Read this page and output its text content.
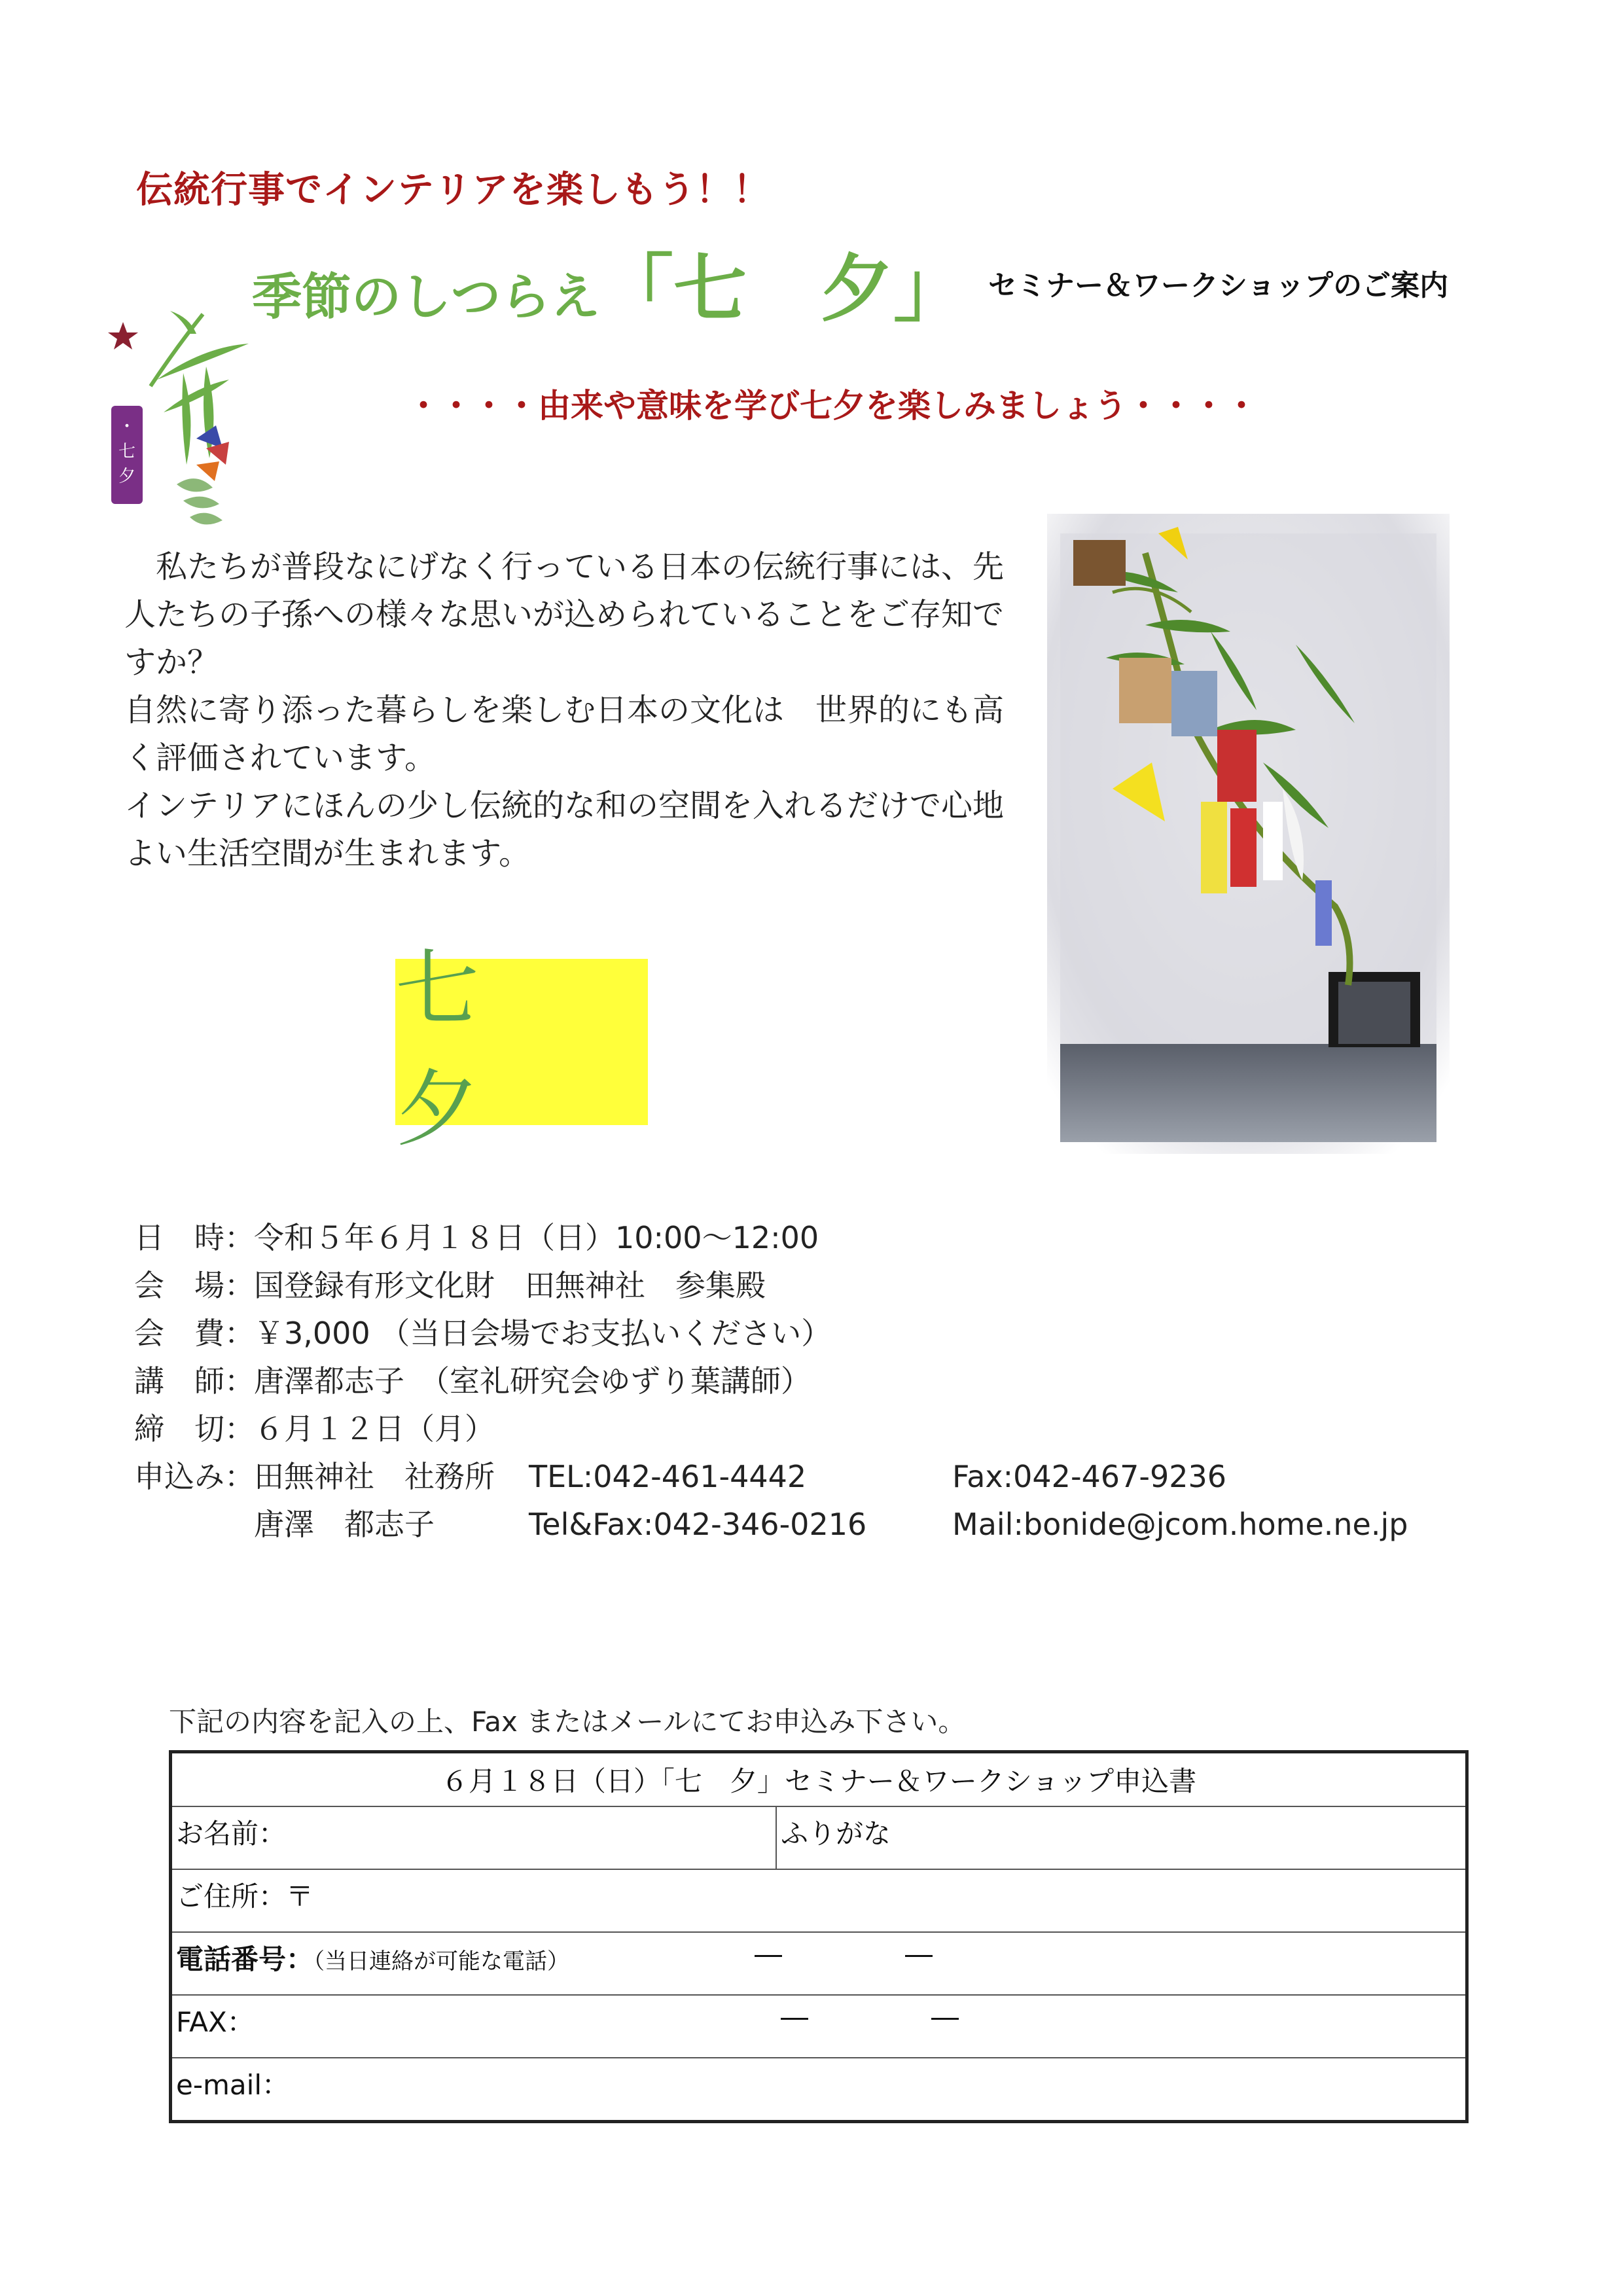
・七夕
伝統行事でインテリアを楽しもう！！
季節のしつらえ「七　夕」 セミナー＆ワークショップのご案内
・・・・由来や意味を学び七夕を楽しみましょう・・・・

　私たちが普段なにげなく行っている日本の伝統行事には、先

人たちの子孫への様々な思いが込められていることをご存知で

すか？

自然に寄り添った暮らしを楽しむ日本の文化は　世界的にも高

く評価されています。

インテリアにほんの少し伝統的な和の空間を入れるだけで心地

よい生活空間が生まれます。

七 夕
日　時： 令和５年６月１８日（日）10:00～12:00
会　場： 国登録有形文化財　田無神社　参集殿
会　費： ￥3,000 （当日会場でお支払いください）
講　師： 唐澤都志子　（室礼研究会ゆずり葉講師）
締　切： ６月１２日（月）
申込み： 田無神社　社務所	TEL:042-461-4442	Fax:042-467-9236
唐澤　都志子	Tel&Fax:042-346-0216	Mail:bonide@jcom.home.ne.jp
下記の内容を記入の上、Fax またはメールにてお申込み下さい。
６月１８日（日）「七　夕」セミナー＆ワークショップ申込書
お名前：	ふりがな
ご住所：〒
電話番号：（当日連絡が可能な電話）	―	―
FAX：	―	―
e-mail：
